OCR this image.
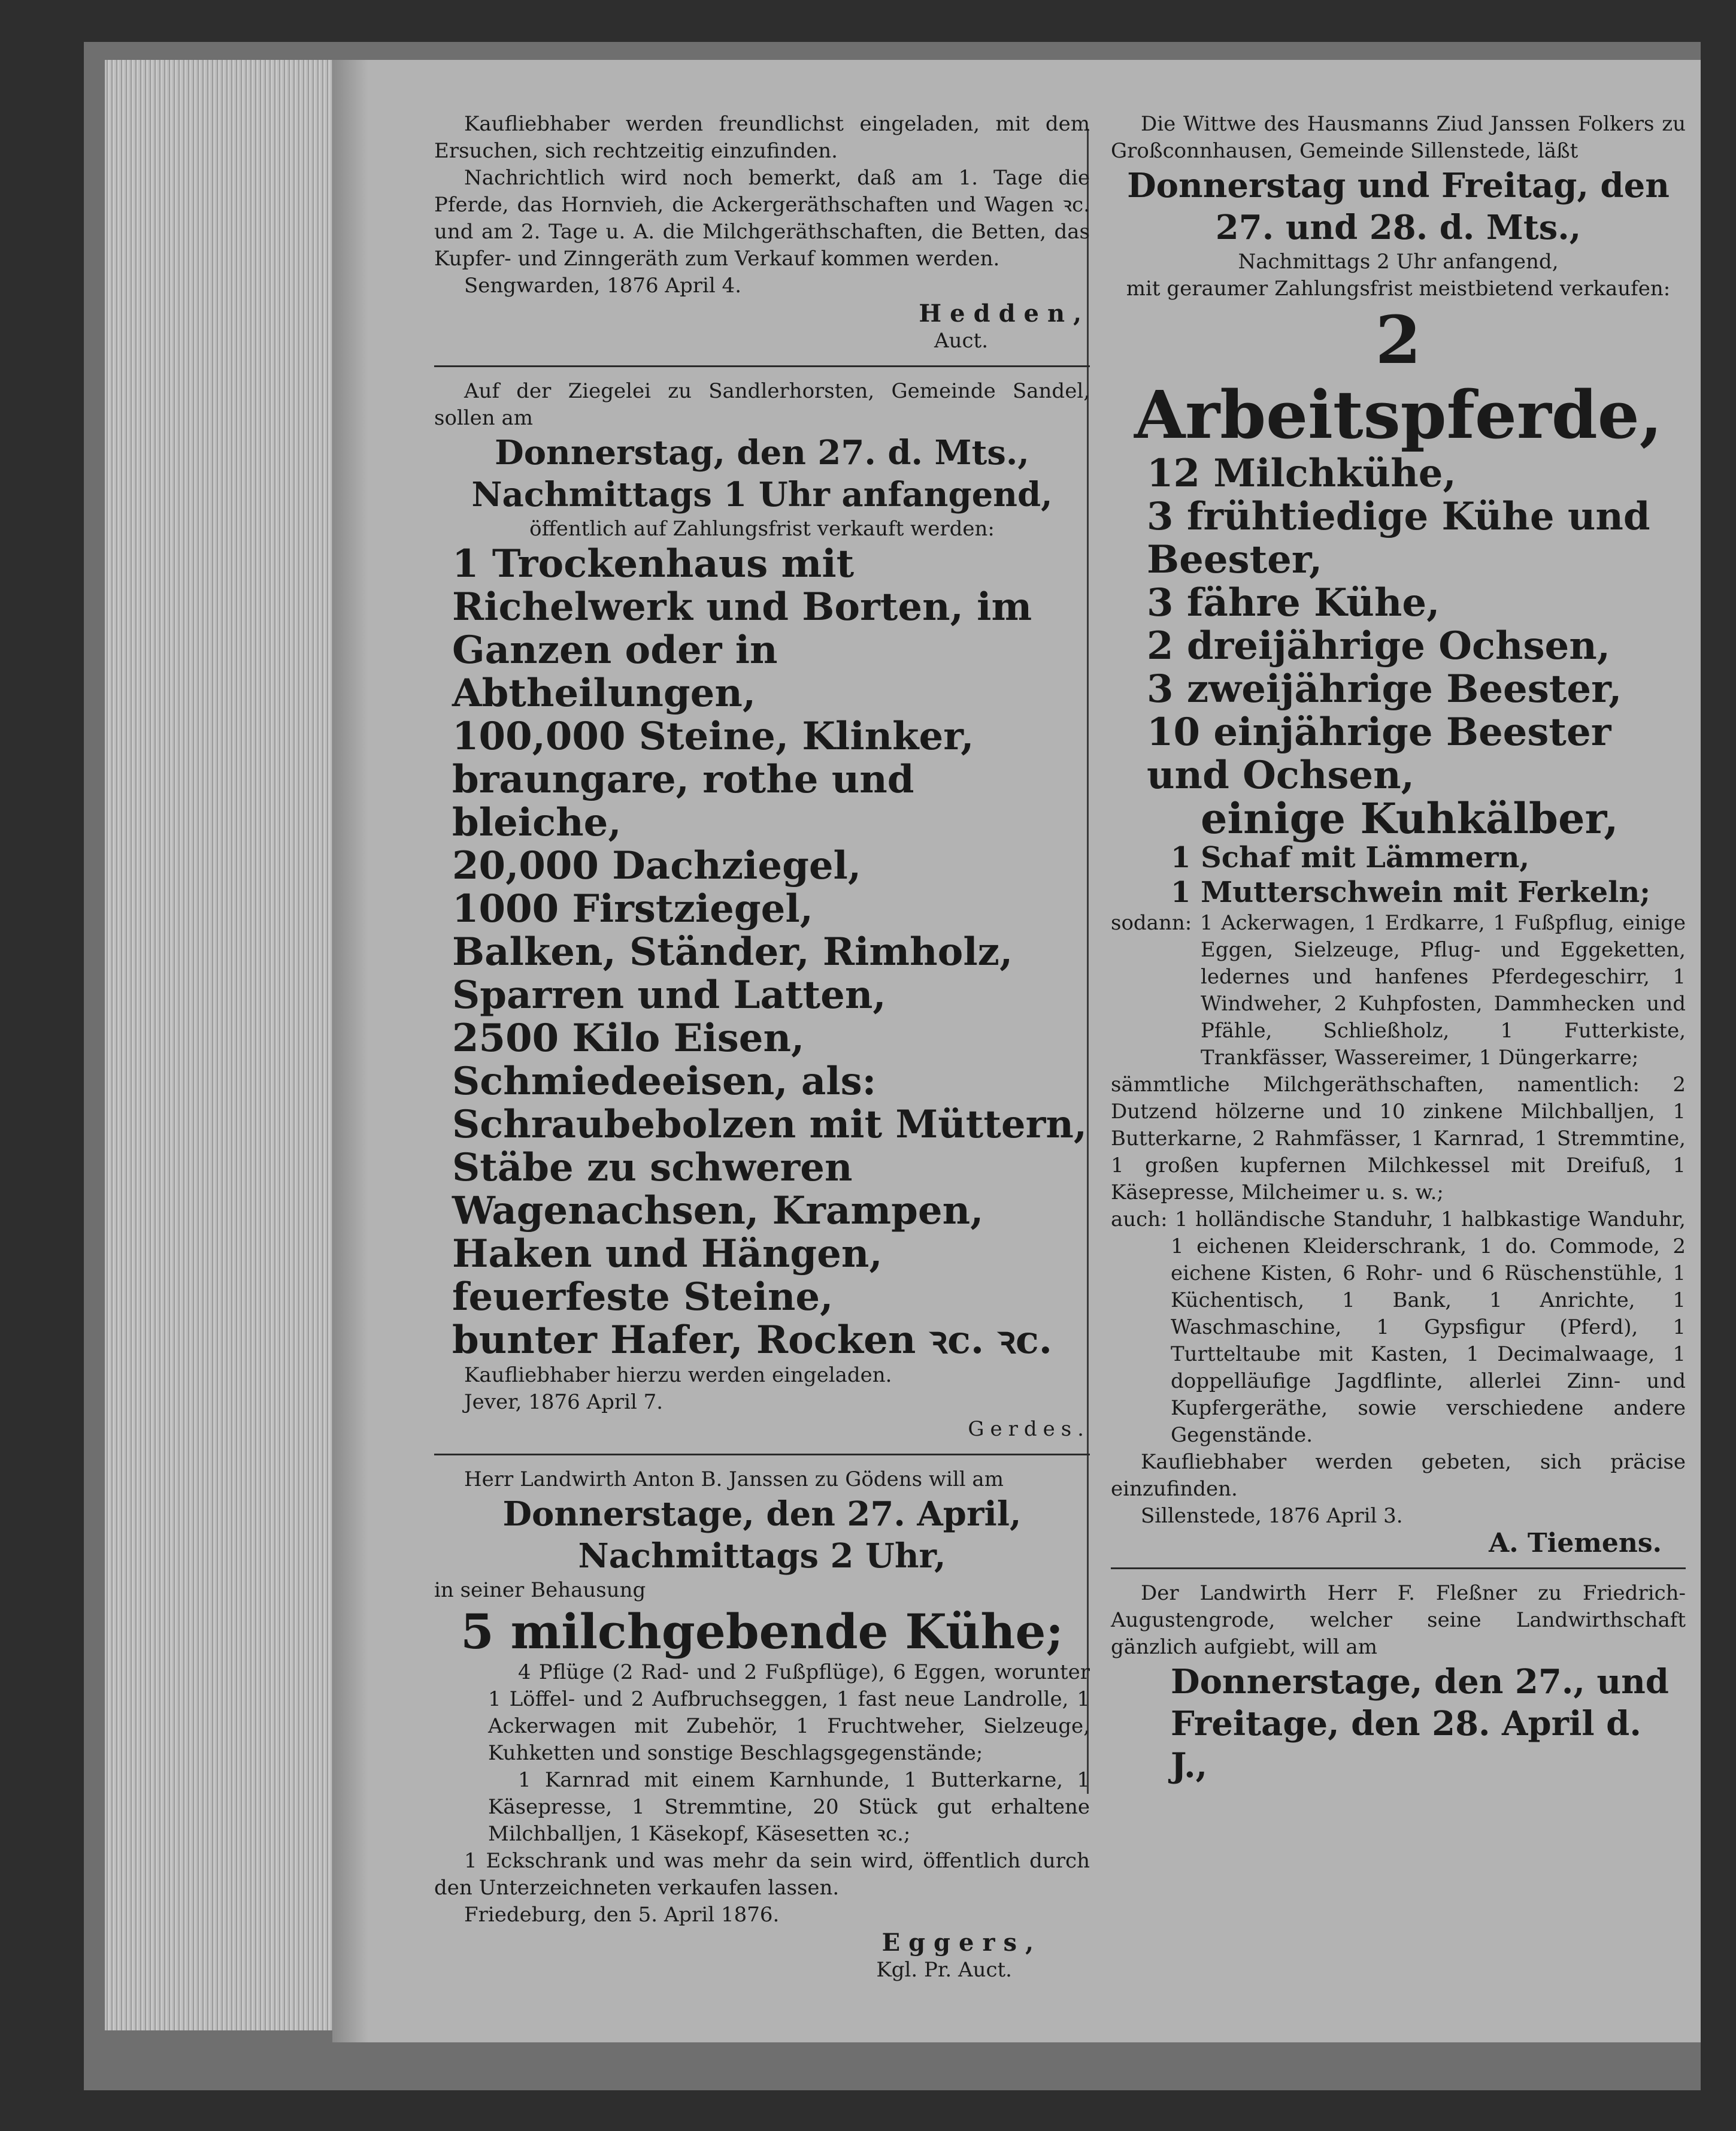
Kaufliebhaber werden freundlichst eingeladen, mit dem Ersuchen, sich rechtzeitig einzufinden.

Nachrichtlich wird noch bemerkt, daß am 1. Tage die Pferde, das Hornvieh, die Ackergeräthschaften und Wagen ꝛc. und am 2. Tage u. A. die Milchgeräthschaften, die Betten, das Kupfer- und Zinngeräth zum Verkauf kommen werden.

Sengwarden, 1876 April 4.

Hedden,

Auct.

Auf der Ziegelei zu Sandlerhorsten, Gemeinde Sandel, sollen am

Donnerstag, den 27. d. Mts.,

Nachmittags 1 Uhr anfangend,

öffentlich auf Zahlungsfrist verkauft werden:

1 Trockenhaus mit Richelwerk und Borten, im Ganzen oder in Abtheilungen,

100,000 Steine, Klinker, braungare, rothe und bleiche,

20,000 Dachziegel,

1000 Firstziegel,

Balken, Ständer, Rimholz, Sparren und Latten,

2500 Kilo Eisen, Schmiedeeisen, als: Schraubebolzen mit Müttern, Stäbe zu schweren Wagenachsen, Krampen, Haken und Hängen,

feuerfeste Steine,

bunter Hafer, Rocken ꝛc. ꝛc.

Kaufliebhaber hierzu werden eingeladen.

Jever, 1876 April 7.

Gerdes.

Herr Landwirth Anton B. Janssen zu Gödens will am

Donnerstage, den 27. April,

Nachmittags 2 Uhr,

in seiner Behausung

5 milchgebende Kühe;

4 Pflüge (2 Rad- und 2 Fußpflüge), 6 Eggen, worunter 1 Löffel- und 2 Aufbruchseggen, 1 fast neue Landrolle, 1 Ackerwagen mit Zubehör, 1 Fruchtweher, Sielzeuge, Kuhketten und sonstige Beschlagsgegenstände;

1 Karnrad mit einem Karnhunde, 1 Butterkarne, 1 Käsepresse, 1 Stremmtine, 20 Stück gut erhaltene Milchballjen, 1 Käsekopf, Käsesetten ꝛc.;

1 Eckschrank und was mehr da sein wird, öffentlich durch den Unterzeichneten verkaufen lassen.

Friedeburg, den 5. April 1876.

Eggers,

Kgl. Pr. Auct.

Die Wittwe des Hausmanns Ziud Janssen Folkers zu Großconnhausen, Gemeinde Sillenstede, läßt

Donnerstag und Freitag, den 27. und 28. d. Mts.,

Nachmittags 2 Uhr anfangend,

mit geraumer Zahlungsfrist meistbietend verkaufen:

2 Arbeitspferde,

12 Milchkühe,

3 frühtiedige Kühe und Beester,

3 fähre Kühe,

2 dreijährige Ochsen,

3 zweijährige Beester,

10 einjährige Beester und Ochsen,

einige Kuhkälber,

1 Schaf mit Lämmern,

1 Mutterschwein mit Ferkeln;

sodann: 1 Ackerwagen, 1 Erdkarre, 1 Fußpflug, einige Eggen, Sielzeuge, Pflug- und Eggeketten, ledernes und hanfenes Pferdegeschirr, 1 Windweher, 2 Kuhpfosten, Dammhecken und Pfähle, Schließholz, 1 Futterkiste, Trankfässer, Wassereimer, 1 Düngerkarre;

sämmtliche Milchgeräthschaften, namentlich: 2 Dutzend hölzerne und 10 zinkene Milchballjen, 1 Butterkarne, 2 Rahmfässer, 1 Karnrad, 1 Stremmtine, 1 großen kupfernen Milchkessel mit Dreifuß, 1 Käsepresse, Milcheimer u. s. w.;

auch: 1 holländische Standuhr, 1 halbkastige Wanduhr, 1 eichenen Kleiderschrank, 1 do. Commode, 2 eichene Kisten, 6 Rohr- und 6 Rüschenstühle, 1 Küchentisch, 1 Bank, 1 Anrichte, 1 Waschmaschine, 1 Gypsfigur (Pferd), 1 Turtteltaube mit Kasten, 1 Decimalwaage, 1 doppelläufige Jagdflinte, allerlei Zinn- und Kupfergeräthe, sowie verschiedene andere Gegenstände.

Kaufliebhaber werden gebeten, sich präcise einzufinden.

Sillenstede, 1876 April 3.

A. Tiemens.

Der Landwirth Herr F. Fleßner zu Friedrich-Augustengrode, welcher seine Landwirthschaft gänzlich aufgiebt, will am

Donnerstage, den 27., und Freitage, den 28. April d. J.,
